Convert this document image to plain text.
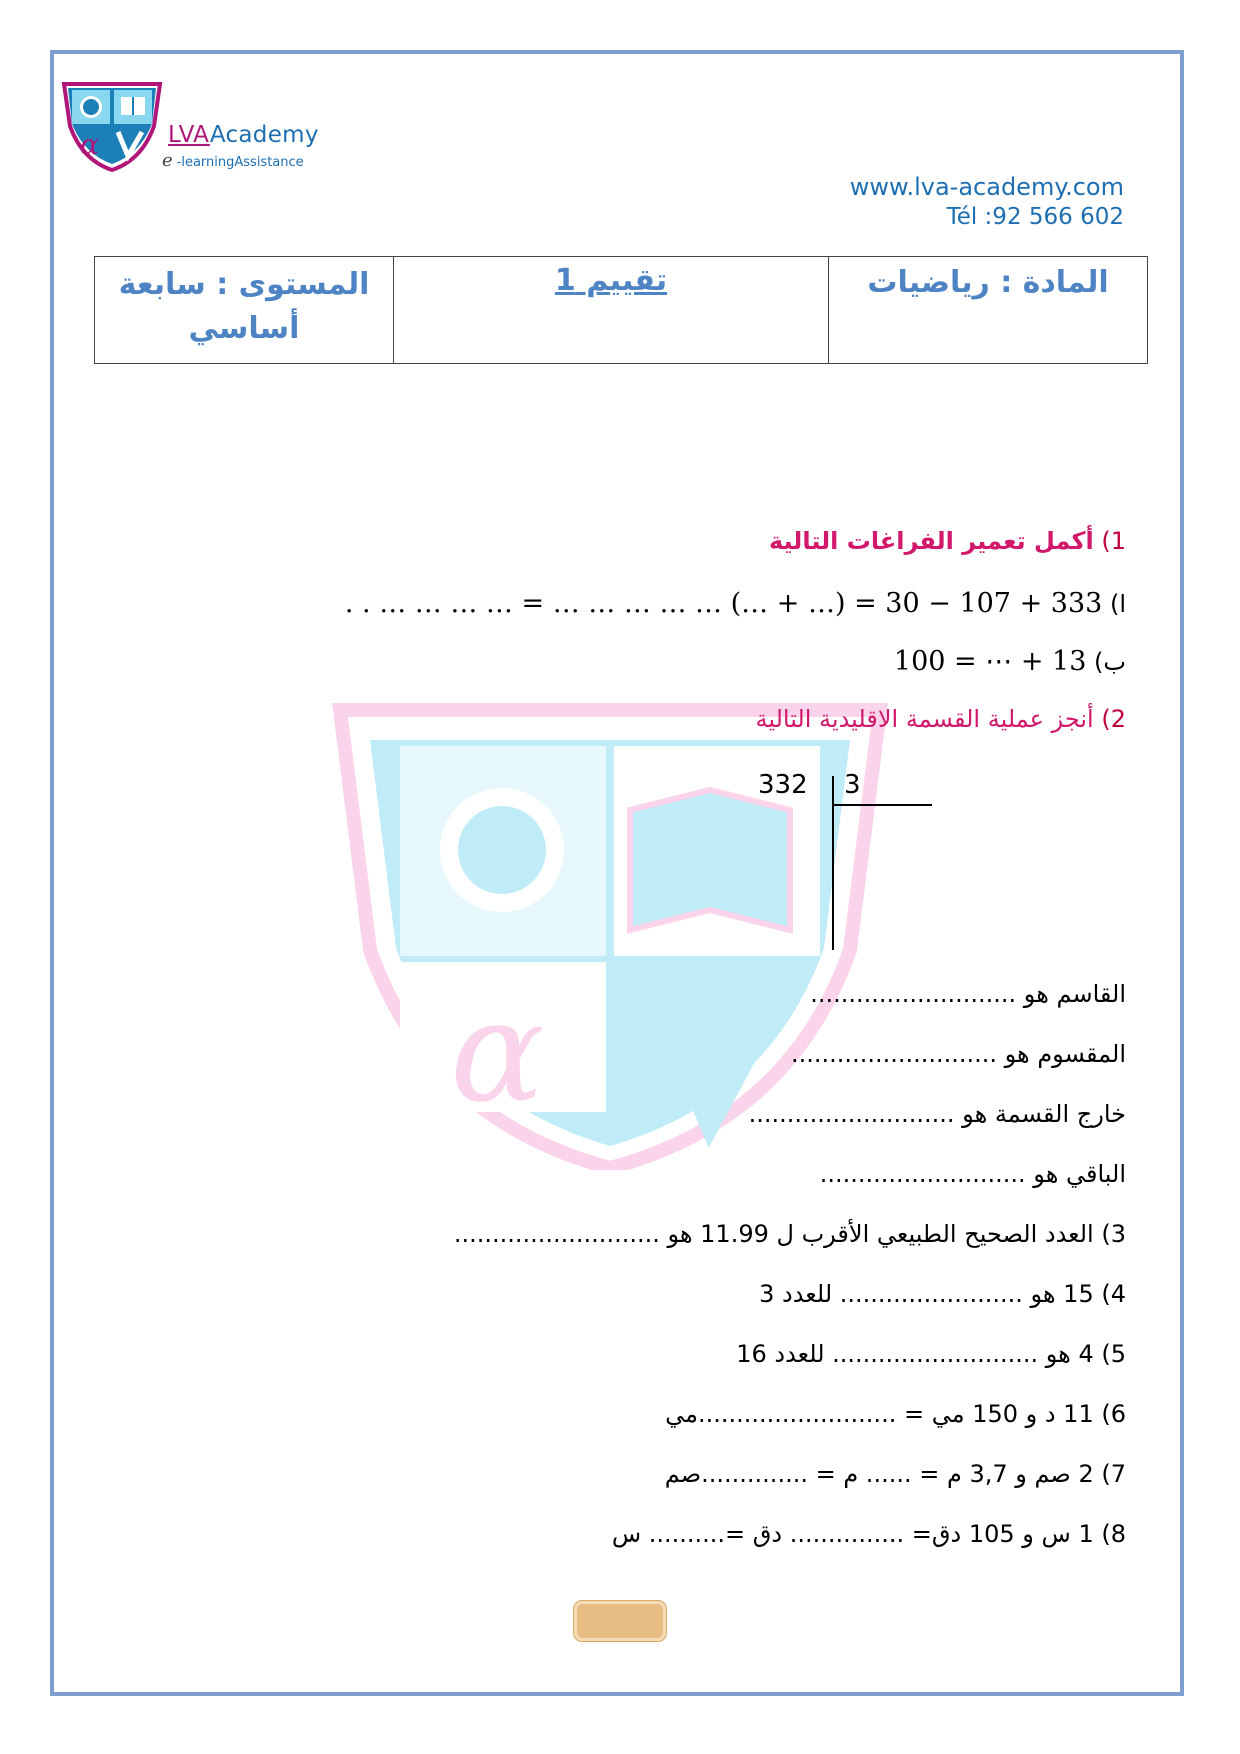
α	LVAAcademy
e -learningAssistance
www.lva-academy.com
Tél :92 566 602
المادة : رياضيات	تقييم 1	
المستوى : سابعة
أساسي
α
1) أكمل تعمير الفراغات التالية
ا) 333 + 107 − 30 = (… + …) … … … … … = … … … … . .
ب) 13 + ⋯ = 100
2) أنجز عملية القسمة الاقليدية التالية
332 3
القاسم هو ...........................
المقسوم هو ...........................
خارج القسمة هو ...........................
الباقي هو ...........................
3) العدد الصحيح الطبيعي الأقرب ل 11.99 هو ...........................
4) 15 هو ........................ للعدد 3
5) 4 هو ........................... للعدد 16
6) 11 د و 150 مي = ..........................مي
7) 2 صم و 3,7 م = ...... م = ..............صم
8) 1 س و 105 دق= ............... دق =.......... س
